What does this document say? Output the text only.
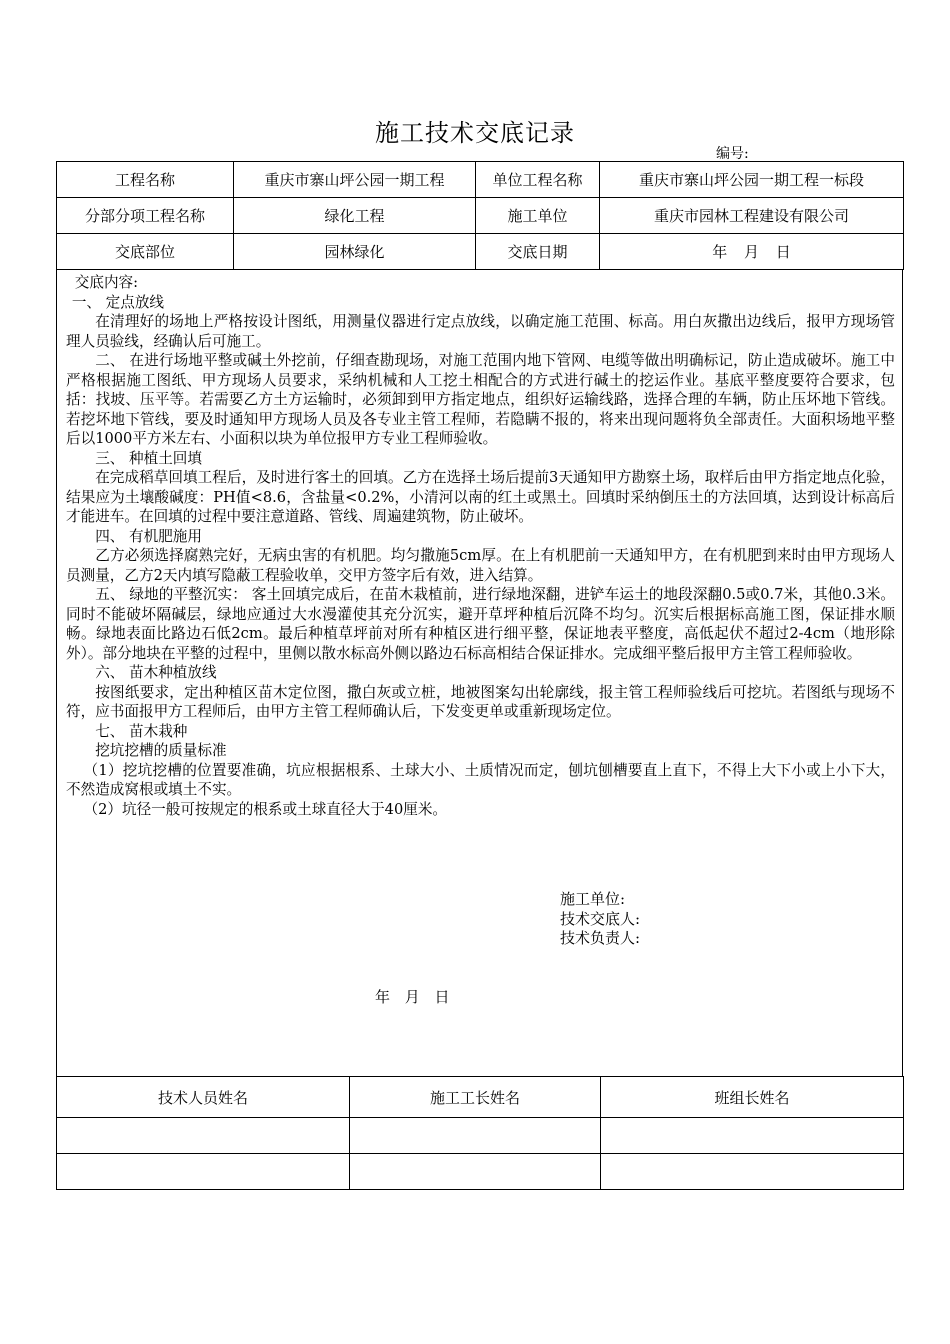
施工技术交底记录
编号:
工程名称	重庆市寨山坪公园一期工程	单位工程名称	重庆市寨山坪公园一期工程一标段
分部分项工程名称	绿化工程	施工单位	重庆市园林工程建设有限公司
交底部位	园林绿化	交底日期	年 月 日

交底内容:

一、 定点放线

在清理好的场地上严格按设计图纸，用测量仪器进行定点放线，以确定施工范围、标高。用白灰撒出边线后，报甲方现场管理人员验线，经确认后可施工。

二、 在进行场地平整或碱土外挖前，仔细查勘现场，对施工范围内地下管网、电缆等做出明确标记，防止造成破坏。施工中严格根据施工图纸、甲方现场人员要求，采纳机械和人工挖土相配合的方式进行碱土的挖运作业。基底平整度要符合要求，包括：找坡、压平等。若需要乙方土方运输时，必须卸到甲方指定地点，组织好运输线路，选择合理的车辆，防止压坏地下管线。若挖坏地下管线，要及时通知甲方现场人员及各专业主管工程师，若隐瞒不报的，将来出现问题将负全部责任。大面积场地平整后以1000平方米左右、小面积以块为单位报甲方专业工程师验收。

三、 种植土回填

在完成稻草回填工程后，及时进行客土的回填。乙方在选择土场后提前3天通知甲方勘察土场，取样后由甲方指定地点化验，结果应为土壤酸碱度：PH值<8.6，含盐量<0.2%，小清河以南的红土或黑土。回填时采纳倒压土的方法回填，达到设计标高后才能进车。在回填的过程中要注意道路、管线、周遍建筑物，防止破坏。

四、 有机肥施用

乙方必须选择腐熟完好，无病虫害的有机肥。均匀撒施5cm厚。在上有机肥前一天通知甲方，在有机肥到来时由甲方现场人员测量，乙方2天内填写隐蔽工程验收单，交甲方签字后有效，进入结算。

五、 绿地的平整沉实： 客土回填完成后，在苗木栽植前，进行绿地深翻，进铲车运土的地段深翻0.5或0.7米，其他0.3米。同时不能破坏隔碱层，绿地应通过大水漫灌使其充分沉实，避开草坪种植后沉降不均匀。沉实后根据标高施工图，保证排水顺畅。绿地表面比路边石低2cm。最后种植草坪前对所有种植区进行细平整，保证地表平整度，高低起伏不超过2-4cm（地形除外）。部分地块在平整的过程中，里侧以散水标高外侧以路边石标高相结合保证排水。完成细平整后报甲方主管工程师验收。

六、 苗木种植放线

按图纸要求，定出种植区苗木定位图，撒白灰或立桩，地被图案勾出轮廓线，报主管工程师验线后可挖坑。若图纸与现场不符，应书面报甲方工程师后，由甲方主管工程师确认后，下发变更单或重新现场定位。

七、 苗木栽种

挖坑挖槽的质量标准

（1）挖坑挖槽的位置要准确，坑应根据根系、土球大小、土质情况而定，刨坑刨槽要直上直下，不得上大下小或上小下大，不然造成窝根或填土不实。

（2）坑径一般可按规定的根系或土球直径大于40厘米。

施工单位:
技术交底人:
技术负责人:
年 月 日
技术人员姓名	施工工长姓名	班组长姓名
